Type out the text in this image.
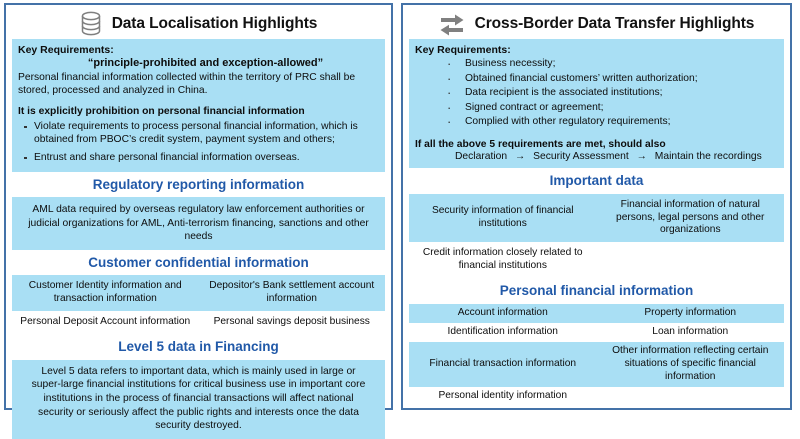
Data Localisation Highlights
Key Requirements:
“principle-prohibited and exception-allowed”

Personal financial information collected within the territory of PRC shall be stored, processed and analyzed in China.

It is explicitly prohibition on personal financial information
Violate requirements to process personal financial information, which is obtained from PBOC’s credit system, payment system and others;
Entrust and share personal financial information overseas.
Regulatory reporting information
AML data required by overseas regulatory law enforcement authorities or judicial organizations for AML, Anti-terrorism financing, sanctions and other needs
Customer confidential information
Customer Identity information and transaction information	Depositor's Bank settlement account information
Personal Deposit Account information	Personal savings deposit business
Level 5 data in Financing
Level 5 data refers to important data, which is mainly used in large or super-large financial institutions for critical business use in important core institutions in the process of financial transactions will affect national security or seriously affect the public rights and interests once the data security destroyed.
Cross-Border Data Transfer Highlights
Key Requirements:
· Business necessity;
· Obtained financial customers’ written authorization;
· Data recipient is the associated institutions;
· Signed contract or agreement;
· Complied with other regulatory requirements;
If all the above 5 requirements are met, should also
Declaration → Security Assessment → Maintain the recordings
Important data
Security information of financial institutions	Financial information of natural persons, legal persons and other organizations
Credit information closely related to financial institutions	
Personal financial information
Account information	Property information
Identification information	Loan information
Financial transaction information	Other information reflecting certain situations of specific financial information
Personal identity information	
